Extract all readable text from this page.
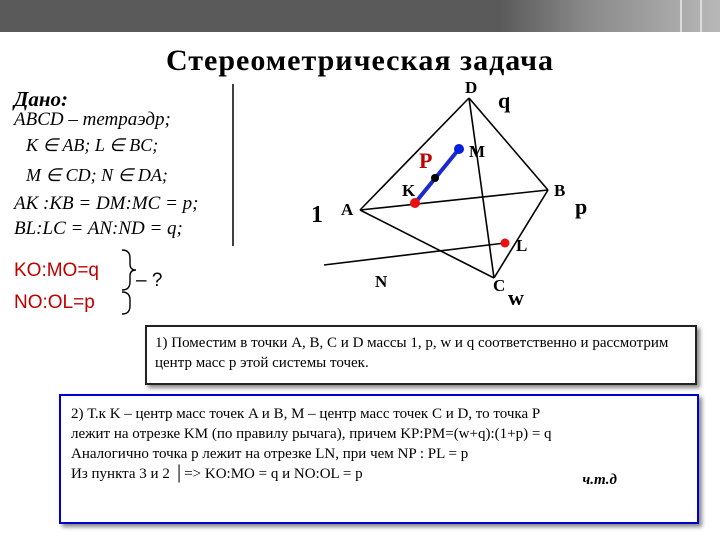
Стереометрическая задача
Дано:
ABCD – тетраэдр;
K ∈ AB; L ∈ BC;
M ∈ CD; N ∈ DA;
AK :KB = DM:MC = p;
BL:LC = AN:ND = q;
KO:MO=q
NO:OL=p
– ?
D
q
M
P
K	B
p
1 A
L
N	C w
1) Поместим в точки A, B, C и D массы 1, p, w и q соответственно и рассмотрим центр масс p этой системы точек.
2) Т.к K – центр масс точек A и B, M – центр масс точек C и D, то точка P
лежит на отрезке KM (по правилу рычага), причем KP:PM=(w+q):(1+p) = q
Аналогично точка p лежит на отрезке LN, при чем NP : PL = p
Из пункта 3 и 2 │=> KO:MO = q и NO:OL = p	ч.т.д
